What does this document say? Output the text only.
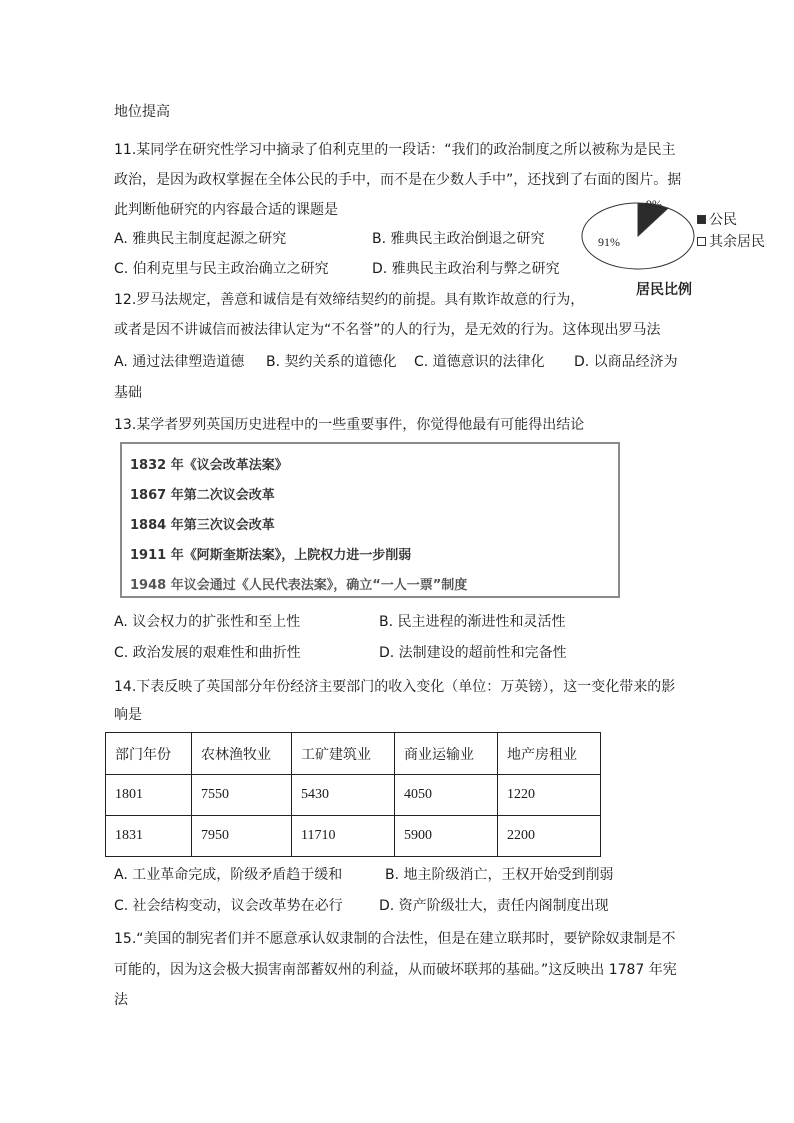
地位提高
11.某同学在研究性学习中摘录了伯利克里的一段话：“我们的政治制度之所以被称为是民主
政治，是因为政权掌握在全体公民的手中，而不是在少数人手中”，还找到了右面的图片。据
此判断他研究的内容最合适的课题是
A. 雅典民主制度起源之研究	B. 雅典民主政治倒退之研究
C. 伯利克里与民主政治确立之研究	D. 雅典民主政治利与弊之研究
9%
91%
居民比例
公民
其余居民
12.罗马法规定，善意和诚信是有效缔结契约的前提。具有欺诈故意的行为，
或者是因不讲诚信而被法律认定为“不名誉”的人的行为，是无效的行为。这体现出罗马法
A. 通过法律塑造道德 B. 契约关系的道德化 C. 道德意识的法律化 D. 以商品经济为
基础
13.某学者罗列英国历史进程中的一些重要事件，你觉得他最有可能得出结论
1832 年《议会改革法案》
1867 年第二次议会改革
1884 年第三次议会改革
1911 年《阿斯奎斯法案》，上院权力进一步削弱
1948 年议会通过《人民代表法案》，确立“一人一票”制度
A. 议会权力的扩张性和至上性	B. 民主进程的渐进性和灵活性
C. 政治发展的艰难性和曲折性	D. 法制建设的超前性和完备性
14.下表反映了英国部分年份经济主要部门的收入变化（单位：万英镑），这一变化带来的影
响是
部门年份	农林渔牧业	工矿建筑业	商业运输业	地产房租业
1801	7550	5430	4050	1220
1831	7950	11710	5900	2200
A. 工业革命完成，阶级矛盾趋于缓和	B. 地主阶级消亡，王权开始受到削弱
C. 社会结构变动，议会改革势在必行	D. 资产阶级壮大，责任内阁制度出现
15.“美国的制宪者们并不愿意承认奴隶制的合法性，但是在建立联邦时，要铲除奴隶制是不
可能的，因为这会极大损害南部蓄奴州的利益，从而破坏联邦的基础。”这反映出 1787 年宪
法
